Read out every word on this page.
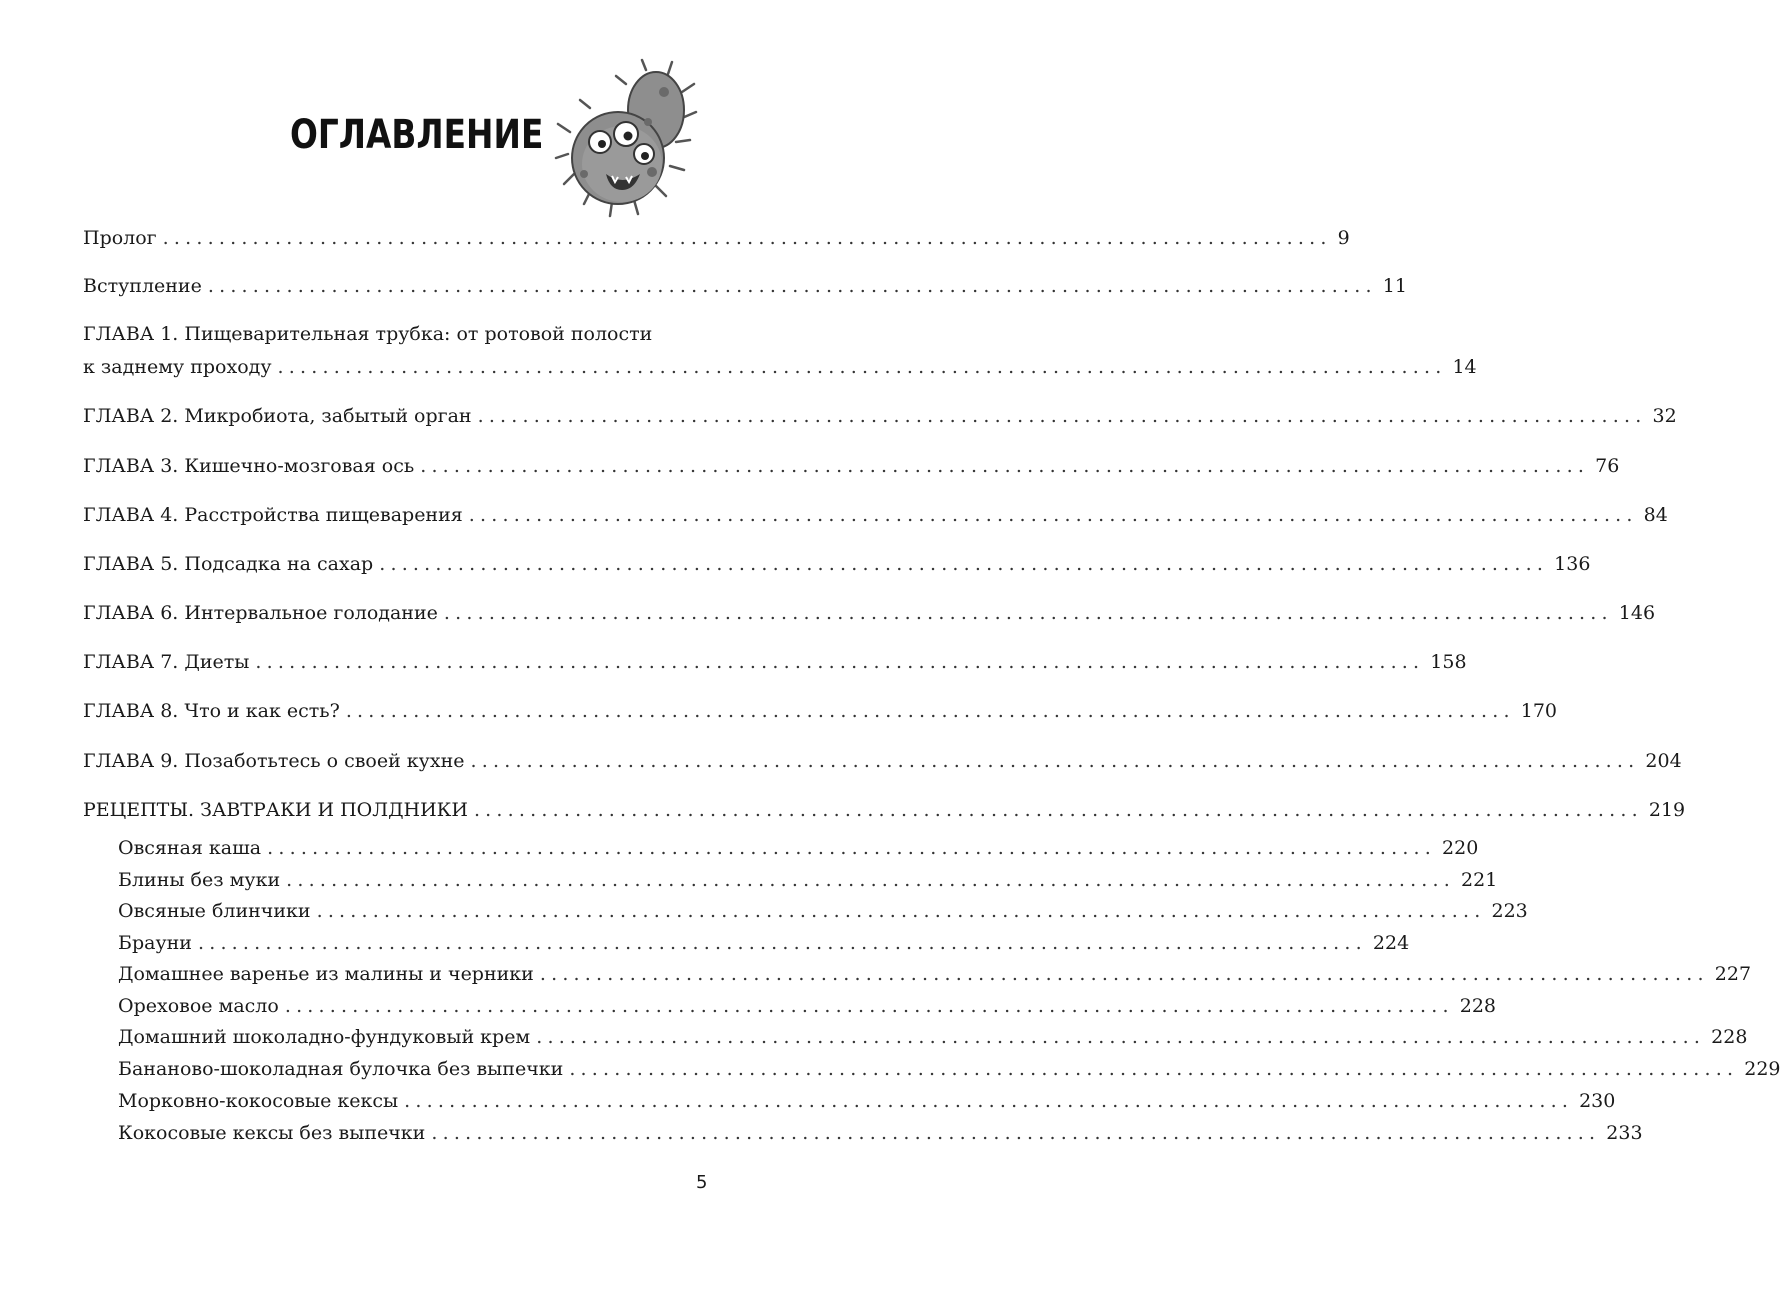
ОГЛАВЛЕНИЕ
Пролог ........................................................................................................ 9
Вступление ........................................................................................................ 11
ГЛАВА 1. Пищеварительная трубка: от ротовой полости
к заднему проходу ........................................................................................................ 14
ГЛАВА 2. Микробиота, забытый орган ........................................................................................................ 32
ГЛАВА 3. Кишечно-мозговая ось ........................................................................................................ 76
ГЛАВА 4. Расстройства пищеварения ........................................................................................................ 84
ГЛАВА 5. Подсадка на сахар ........................................................................................................ 136
ГЛАВА 6. Интервальное голодание ........................................................................................................ 146
ГЛАВА 7. Диеты ........................................................................................................ 158
ГЛАВА 8. Что и как есть? ........................................................................................................ 170
ГЛАВА 9. Позаботьтесь о своей кухне ........................................................................................................ 204
РЕЦЕПТЫ. ЗАВТРАКИ И ПОЛДНИКИ ........................................................................................................ 219
Овсяная каша ........................................................................................................ 220
Блины без муки ........................................................................................................ 221
Овсяные блинчики ........................................................................................................ 223
Брауни ........................................................................................................ 224
Домашнее варенье из малины и черники ........................................................................................................ 227
Ореховое масло ........................................................................................................ 228
Домашний шоколадно-фундуковый крем ........................................................................................................ 228
Бананово-шоколадная булочка без выпечки ........................................................................................................ 229
Морковно-кокосовые кексы ........................................................................................................ 230
Кокосовые кексы без выпечки ........................................................................................................ 233
5
